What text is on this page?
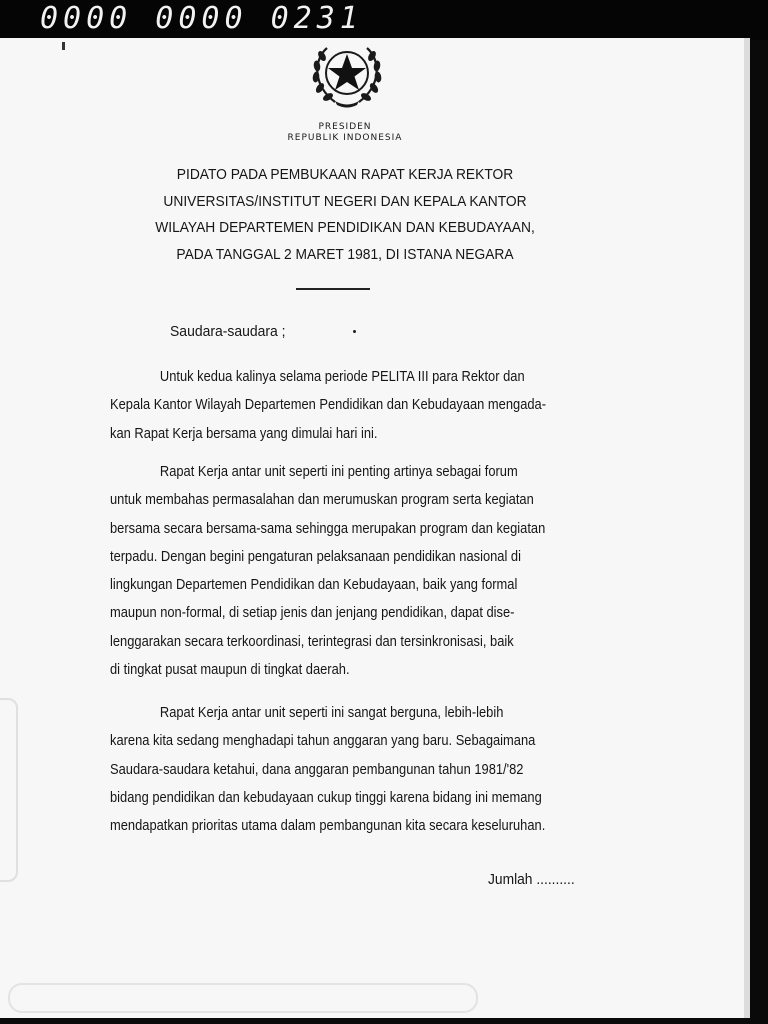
0000 0000 0231
PRESIDEN
REPUBLIK INDONESIA
PIDATO PADA PEMBUKAAN RAPAT KERJA REKTOR
UNIVERSITAS/INSTITUT NEGERI DAN KEPALA KANTOR
WILAYAH DEPARTEMEN PENDIDIKAN DAN KEBUDAYAAN,
PADA TANGGAL 2 MARET 1981, DI ISTANA NEGARA
Saudara-saudara ;
Untuk kedua kalinya selama periode PELITA III para Rektor dan
Kepala Kantor Wilayah Departemen Pendidikan dan Kebudayaan mengada-
kan Rapat Kerja bersama yang dimulai hari ini.
Rapat Kerja antar unit seperti ini penting artinya sebagai forum
untuk membahas permasalahan dan merumuskan program serta kegiatan
bersama secara bersama-sama sehingga merupakan program dan kegiatan
terpadu. Dengan begini pengaturan pelaksanaan pendidikan nasional di
lingkungan Departemen Pendidikan dan Kebudayaan, baik yang formal
maupun non-formal, di setiap jenis dan jenjang pendidikan, dapat dise-
lenggarakan secara terkoordinasi, terintegrasi dan tersinkronisasi, baik
di tingkat pusat maupun di tingkat daerah.
Rapat Kerja antar unit seperti ini sangat berguna, lebih-lebih
karena kita sedang menghadapi tahun anggaran yang baru. Sebagaimana
Saudara-saudara ketahui, dana anggaran pembangunan tahun 1981/'82
bidang pendidikan dan kebudayaan cukup tinggi karena bidang ini memang
mendapatkan prioritas utama dalam pembangunan kita secara keseluruhan.
Jumlah ..........
